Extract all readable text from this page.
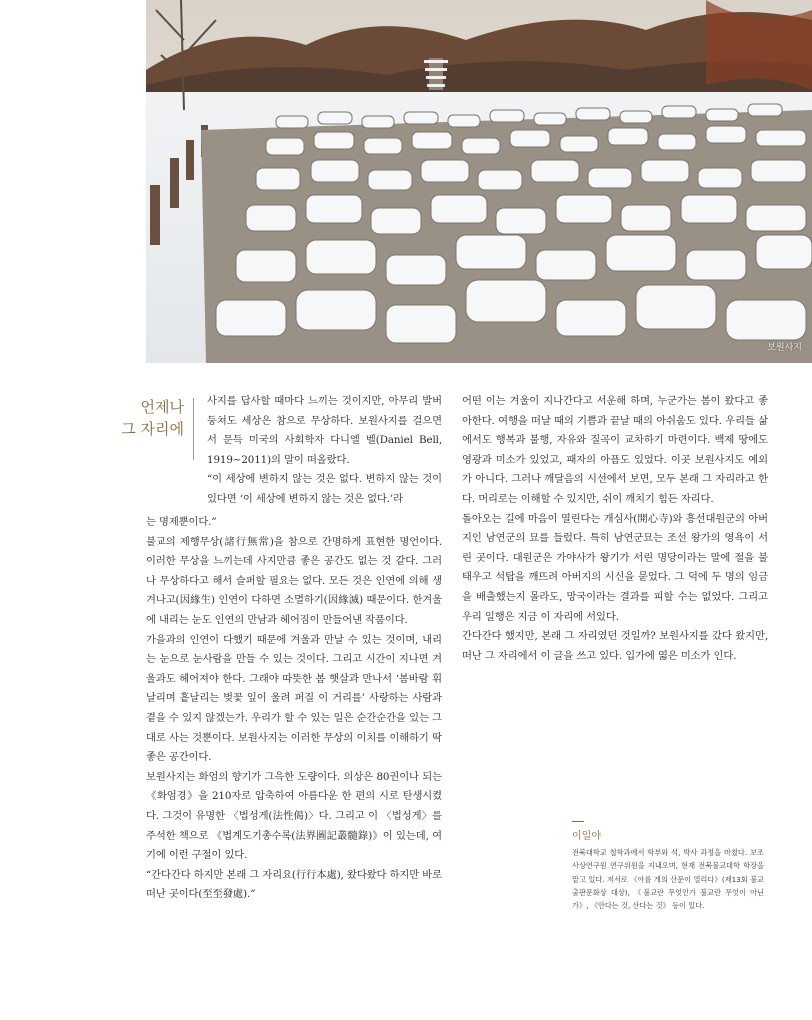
보원사지
언제나
그 자리에

사지를 답사할 때마다 느끼는 것이지만, 아무리 발버둥쳐도 세상은 참으로 무상하다. 보원사지를 걸으면서 문득 미국의 사회학자 다니엘 벨(Daniel Bell, 1919~2011)의 말이 떠올랐다.

“이 세상에 변하지 않는 것은 없다. 변하지 않는 것이 있다면 ‘이 세상에 변하지 않는 것은 없다.’라

는 명제뿐이다.”

불교의 제행무상(諸行無常)을 참으로 간명하게 표현한 명언이다. 이러한 무상을 느끼는데 사지만큼 좋은 공간도 없는 것 같다. 그러나 무상하다고 해서 슬퍼할 필요는 없다. 모든 것은 인연에 의해 생겨나고(因緣生) 인연이 다하면 소멸하기(因緣滅) 때문이다. 한겨울에 내리는 눈도 인연의 만남과 헤어짐이 만들어낸 작품이다.

가을과의 인연이 다했기 때문에 겨울과 만날 수 있는 것이며, 내리는 눈으로 눈사람을 만들 수 있는 것이다. 그리고 시간이 지나면 겨울과도 헤어져야 한다. 그래야 따뜻한 봄 햇살과 만나서 ‘봄바람 휘날리며 흩날리는 벚꽃 잎이 울려 퍼질 이 거리를’ 사랑하는 사람과 곁을 수 있지 않겠는가. 우리가 할 수 있는 일은 순간순간을 있는 그대로 사는 것뿐이다. 보원사지는 이러한 무상의 이치를 이해하기 딱 좋은 공간이다.

보원사지는 화엄의 향기가 그윽한 도량이다. 의상은 80권이나 되는 《화엄경》을 210자로 압축하여 아름다운 한 편의 시로 탄생시켰다. 그것이 유명한 〈법성게(法性偈)〉다. 그리고 이 〈법성게〉를 주석한 책으로 《법계도기총수록(法界圖記叢髓錄)》이 있는데, 여기에 이런 구절이 있다.

“간다간다 하지만 본래 그 자리요(行行本處), 왔다왔다 하지만 바로 떠난 곳이다(至至發處).”

어떤 이는 겨울이 지나간다고 서운해 하며, 누군가는 봄이 왔다고 좋아한다. 여행을 떠날 때의 기쁨과 끝날 때의 아쉬움도 있다. 우리들 삶에서도 행복과 불행, 자유와 질곡이 교차하기 마련이다. 백제 땅에도 영광과 미소가 있었고, 패자의 아픔도 있었다. 이곳 보원사지도 예외가 아니다. 그러나 깨달음의 시선에서 보면, 모두 본래 그 자리라고 한다. 머리로는 이해할 수 있지만, 쉬이 깨치기 힘든 자리다.

돌아오는 길에 마음이 열린다는 개심사(開心寺)와 흥선대원군의 아버지인 남연군의 묘를 들렀다. 특히 남연군묘는 조선 왕가의 영욕이 서린 곳이다. 대원군은 가야사가 왕기가 서린 명당이라는 말에 절을 불태우고 석탑을 깨뜨려 아버지의 시신을 묻었다. 그 덕에 두 명의 임금을 배출했는지 몰라도, 망국이라는 결과를 피할 수는 없었다. 그리고 우리 일행은 지금 이 자리에 서있다.

간다간다 했지만, 본래 그 자리였던 것일까? 보원사지를 갔다 왔지만, 떠난 그 자리에서 이 글을 쓰고 있다. 입가에 엷은 미소가 인다.

이일야
전북대학교 철학과에서 학부와 석, 박사 과정을 마쳤다. 보조사상연구원 연구위원을 지내오며, 현재 전북불교대학 학장을 맡고 있다. 저서로 《아름 개의 산문이 열리다》(제13회 불교출판문화상 대상), 《불교란 무엇인가 불교란 무엇이 아닌가》, 《안다는 것, 산다는 것》 등이 있다.
